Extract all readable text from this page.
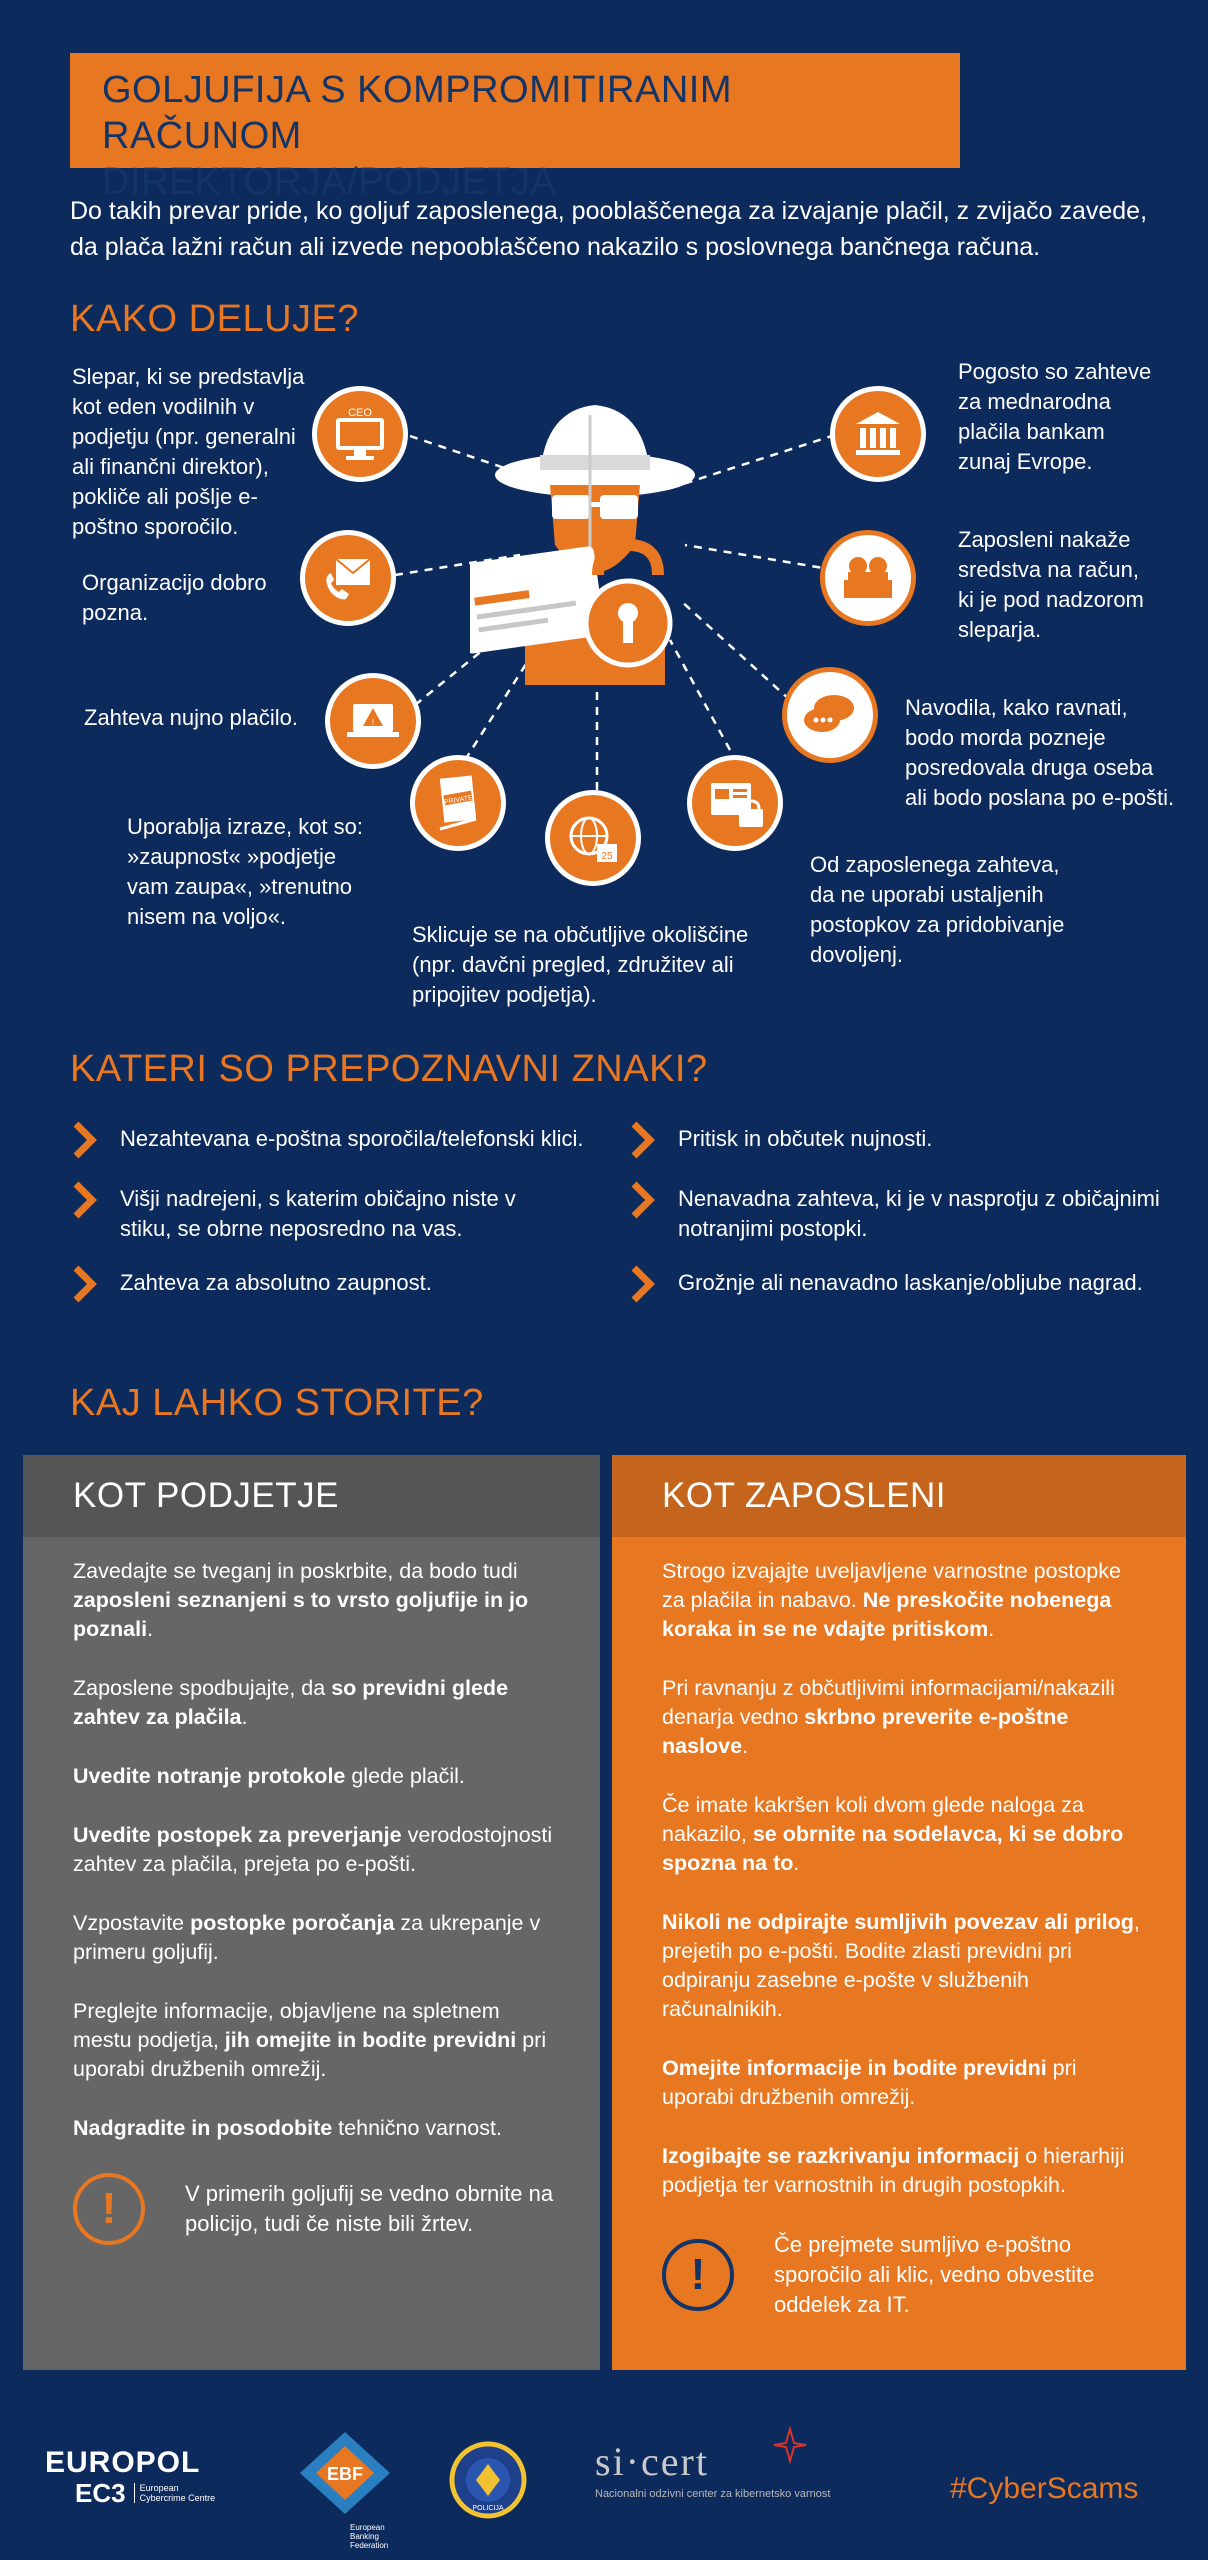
GOLJUFIJA S KOMPROMITIRANIM RAČUNOM
DIREKTORJA/PODJETJA
Do takih prevar pride, ko goljuf zaposlenega, pooblaščenega za izvajanje plačil, z zvijačo zavede, da plača lažni račun ali izvede nepooblaščeno nakazilo s poslovnega bančnega računa.
KAKO DELUJE?
CEO
!
PRIVATE
25
Slepar, ki se predstavlja kot eden vodilnih v podjetju (npr. generalni ali finančni direktor), pokliče ali pošlje e-poštno sporočilo.
Organizacijo dobro pozna.
Zahteva nujno plačilo.
Uporablja izraze, kot so: »zaupnost« »podjetje vam zaupa«, »trenutno nisem na voljo«.
Sklicuje se na občutljive okoliščine (npr. davčni pregled, združitev ali pripojitev podjetja).
Pogosto so zahteve za mednarodna plačila bankam zunaj Evrope.
Zaposleni nakaže sredstva na račun, ki je pod nadzorom sleparja.
Navodila, kako ravnati, bodo morda pozneje posredovala druga oseba ali bodo poslana po e-pošti.
Od zaposlenega zahteva, da ne uporabi ustaljenih postopkov za pridobivanje dovoljenj.
KATERI SO PREPOZNAVNI ZNAKI?
Nezahtevana e-poštna sporočila/telefonski klici.
Višji nadrejeni, s katerim običajno niste v stiku, se obrne neposredno na vas.
Zahteva za absolutno zaupnost.
Pritisk in občutek nujnosti.
Nenavadna zahteva, ki je v nasprotju z običajnimi notranjimi postopki.
Grožnje ali nenavadno laskanje/obljube nagrad.
KAJ LAHKO STORITE?
KOT PODJETJE

Zavedajte se tveganj in poskrbite, da bodo tudi zaposleni seznanjeni s to vrsto goljufije in jo poznali.

Zaposlene spodbujajte, da so previdni glede zahtev za plačila.

Uvedite notranje protokole glede plačil.

Uvedite postopek za preverjanje verodostojnosti zahtev za plačila, prejeta po e-pošti.

Vzpostavite postopke poročanja za ukrepanje v primeru goljufij.

Preglejte informacije, objavljene na spletnem mestu podjetja, jih omejite in bodite previdni pri uporabi družbenih omrežij.

Nadgradite in posodobite tehnično varnost.

!	V primerih goljufij se vedno obrnite na policijo, tudi če niste bili žrtev.
KOT ZAPOSLENI

Strogo izvajajte uveljavljene varnostne postopke za plačila in nabavo. Ne preskočite nobenega koraka in se ne vdajte pritiskom.

Pri ravnanju z občutljivimi informacijami/nakazili denarja vedno skrbno preverite e-poštne naslove.

Če imate kakršen koli dvom glede naloga za nakazilo, se obrnite na sodelavca, ki se dobro spozna na to.

Nikoli ne odpirajte sumljivih povezav ali prilog, prejetih po e-pošti. Bodite zlasti previdni pri odpiranju zasebne e-pošte v službenih računalnikih.

Omejite informacije in bodite previdni pri uporabi družbenih omrežij.

Izogibajte se razkrivanju informacij o hierarhiji podjetja ter varnostnih in drugih postopkih.

!
Če prejmete sumljivo e-poštno sporočilo ali klic, vedno obvestite oddelek za IT.
EUROPOL
EC3	European Cybercrime Centre
EBF
European Banking Federation
POLICIJA
si·cert
Nacionalni odzivni center za kibernetsko varnost	#CyberScams
